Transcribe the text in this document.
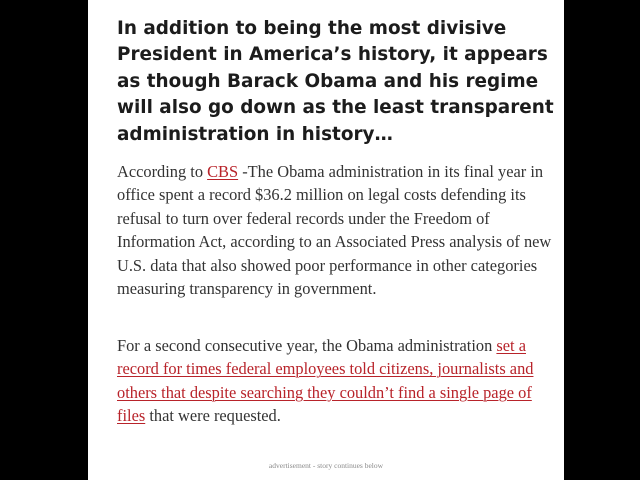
In addition to being the most divisive President in America’s history, it appears as though Barack Obama and his regime will also go down as the least transparent administration in history…

According to CBS -The Obama administration in its final year in office spent a record $36.2 million on legal costs defending its refusal to turn over federal records under the Freedom of Information Act, according to an Associated Press analysis of new U.S. data that also showed poor performance in other categories measuring transparency in government.

For a second consecutive year, the Obama administration set a record for times federal employees told citizens, journalists and others that despite searching they couldn’t find a single page of files that were requested.

advertisement - story continues below
